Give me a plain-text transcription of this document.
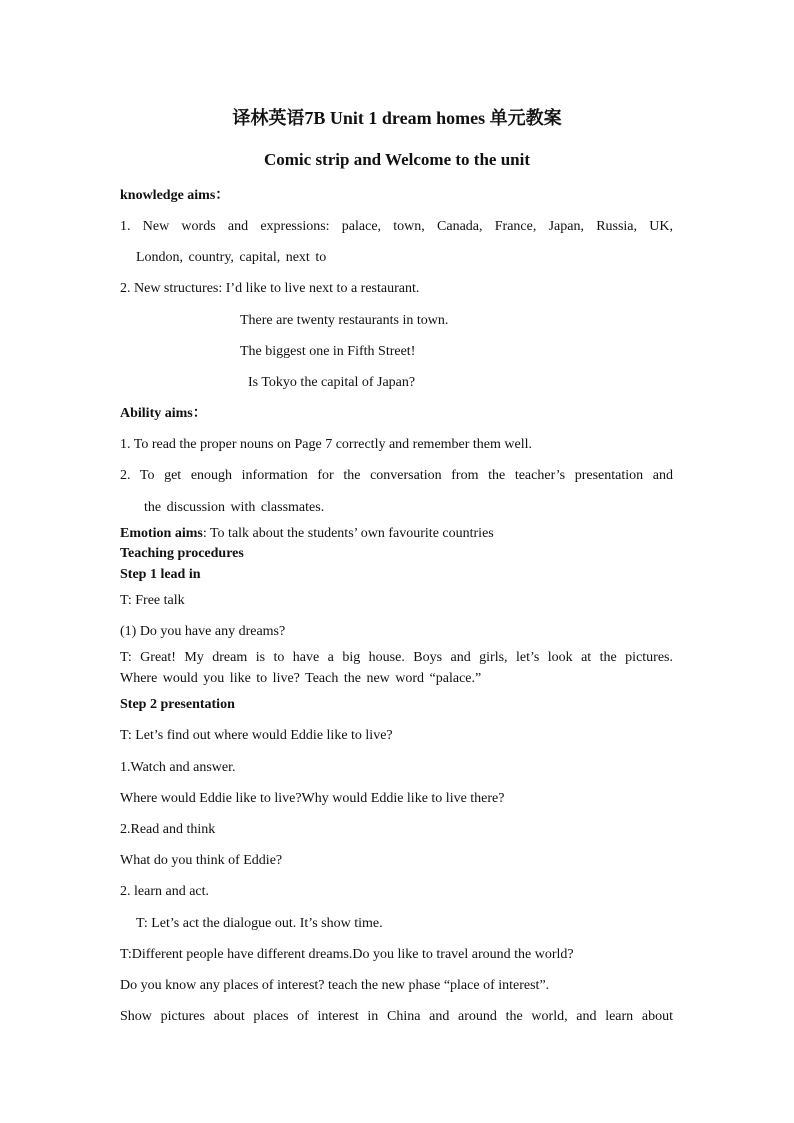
译林英语7B Unit 1 dream homes 单元教案
Comic strip and Welcome to the unit
knowledge aims：
1. New words and expressions: palace, town, Canada, France, Japan, Russia, UK,
London, country, capital, next to
2. New structures: I’d like to live next to a restaurant.
There are twenty restaurants in town.
The biggest one in Fifth Street!
Is Tokyo the capital of Japan?
Ability aims：
1. To read the proper nouns on Page 7 correctly and remember them well.
2. To get enough information for the conversation from the teacher’s presentation and
the discussion with classmates.
Emotion aims: To talk about the students’ own favourite countries
Teaching procedures
Step 1 lead in
T: Free talk
(1) Do you have any dreams?
T: Great! My dream is to have a big house. Boys and girls, let’s look at the pictures.
Where would you like to live? Teach the new word “palace.”
Step 2 presentation
T: Let’s find out where would Eddie like to live?
1.Watch and answer.
Where would Eddie like to live?Why would Eddie like to live there?
2.Read and think
What do you think of Eddie?
2. learn and act.
T: Let’s act the dialogue out. It’s show time.
T:Different people have different dreams.Do you like to travel around the world?
Do you know any places of interest? teach the new phase “place of interest”.
Show pictures about places of interest in China and around the world, and learn about
